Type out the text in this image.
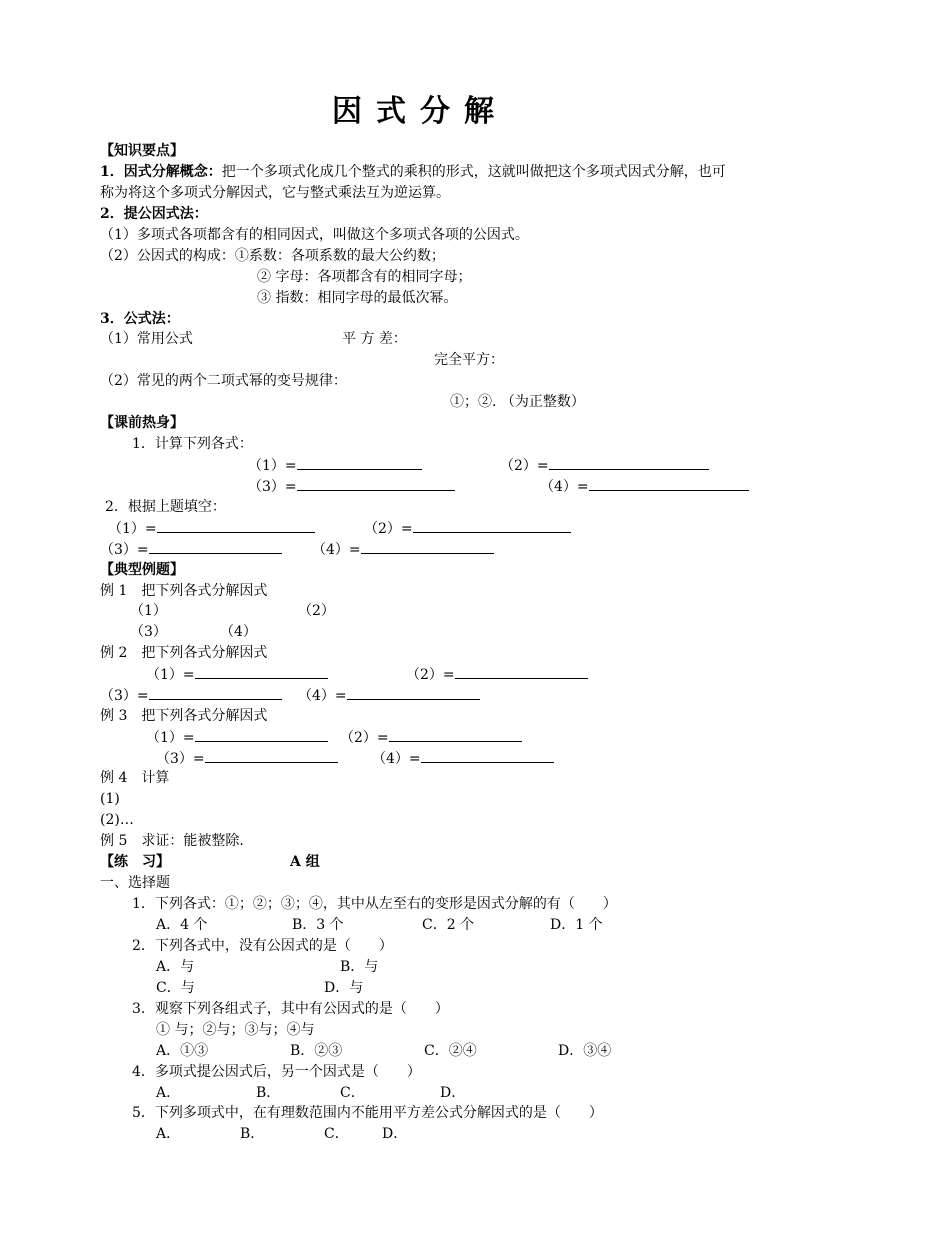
因式分解
【知识要点】
1．因式分解概念：把一个多项式化成几个整式的乘积的形式，这就叫做把这个多项式因式分解，也可
称为将这个多项式分解因式，它与整式乘法互为逆运算。
2．提公因式法：
（1）多项式各项都含有的相同因式，叫做这个多项式各项的公因式。
（2）公因式的构成：①系数：各项系数的最大公约数；
② 字母：各项都含有的相同字母；
③ 指数：相同字母的最低次幂。
3．公式法：
（1）常用公式	平 方 差：
完全平方：
（2）常见的两个二项式幂的变号规律：
①；②. （为正整数）
【课前热身】
1．计算下列各式：
（1）=	（2）=
（3）=	（4）=
2．根据上题填空：
（1）=	（2）=
（3）=	（4）=
【典型例题】
例 1　把下列各式分解因式
（1）	（2）
（3）	（4）
例 2　把下列各式分解因式
（1）=	（2）=
（3）=	（4）=
例 3　把下列各式分解因式
（1）=	（2）=
（3）=	（4）=
例 4　计算
(1)
(2)…
例 5　求证：能被整除.
【练　习】	A 组
一、选择题
1．下列各式：①；②；③；④，其中从左至右的变形是因式分解的有（　　）
A．4 个	B．3 个	C．2 个	D．1 个
2．下列各式中，没有公因式的是（　　）
A．与	B．与
C．与	D．与
3．观察下列各组式子，其中有公因式的是（　　）
① 与；②与；③与；④与
A．①③	B．②③	C．②④	D．③④
4．多项式提公因式后，另一个因式是（　　）
A．	B．	C．	D．
5．下列多项式中，在有理数范围内不能用平方差公式分解因式的是（　　）
A．	B．	C． D．
